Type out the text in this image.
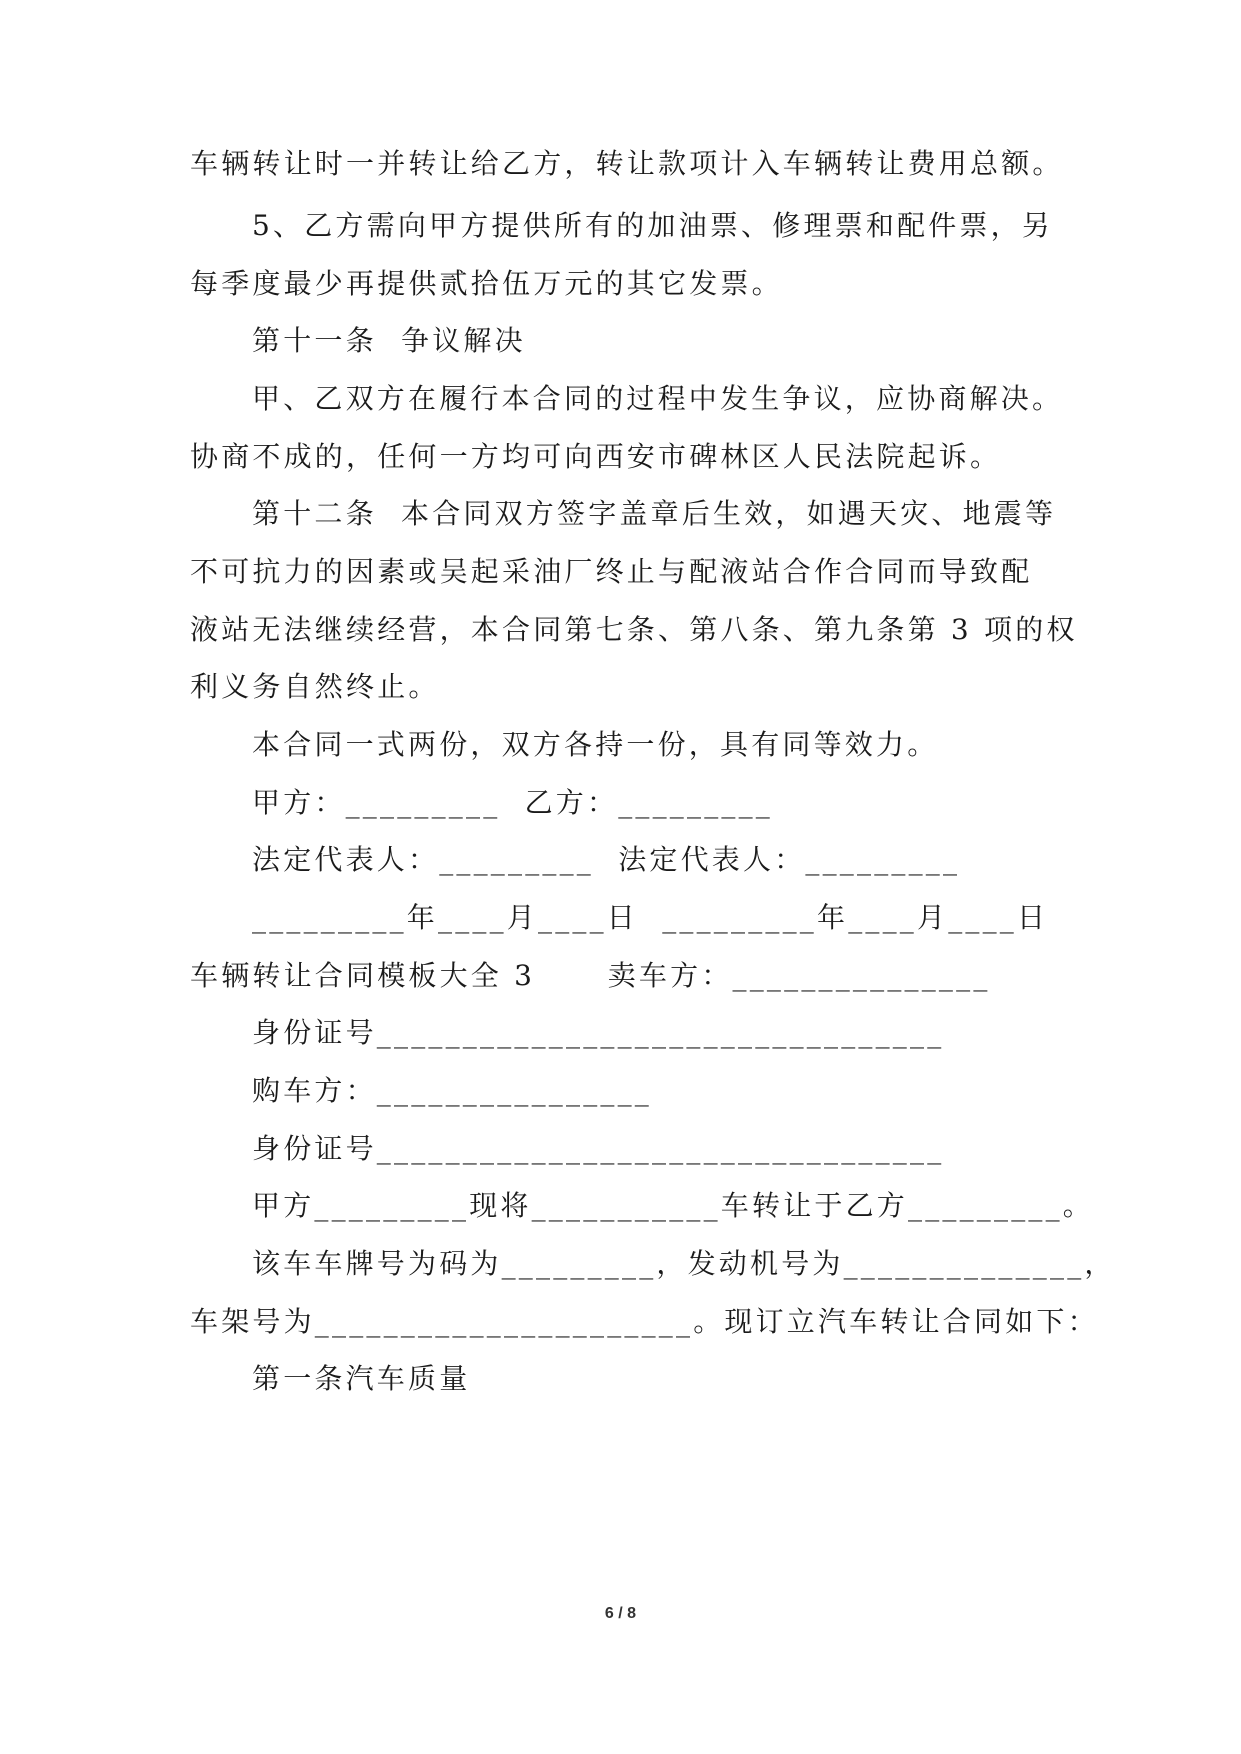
车辆转让时一并转让给乙方，转让款项计入车辆转让费用总额。
5、乙方需向甲方提供所有的加油票、修理票和配件票，另
每季度最少再提供贰拾伍万元的其它发票。
第十一条  争议解决
甲、乙双方在履行本合同的过程中发生争议，应协商解决。
协商不成的，任何一方均可向西安市碑林区人民法院起诉。
第十二条  本合同双方签字盖章后生效，如遇天灾、地震等
不可抗力的因素或吴起采油厂终止与配液站合作合同而导致配
液站无法继续经营，本合同第七条、第八条、第九条第 3 项的权
利义务自然终止。
本合同一式两份，双方各持一份，具有同等效力。
甲方：_________  乙方：_________
法定代表人：_________  法定代表人：_________
_________年____月____日  _________年____月____日
车辆转让合同模板大全 3      卖车方：_______________
身份证号_________________________________
购车方：________________
身份证号_________________________________
甲方_________现将___________车转让于乙方_________。
该车车牌号为码为_________，发动机号为______________，
车架号为______________________。现订立汽车转让合同如下：
第一条汽车质量
6 / 8
